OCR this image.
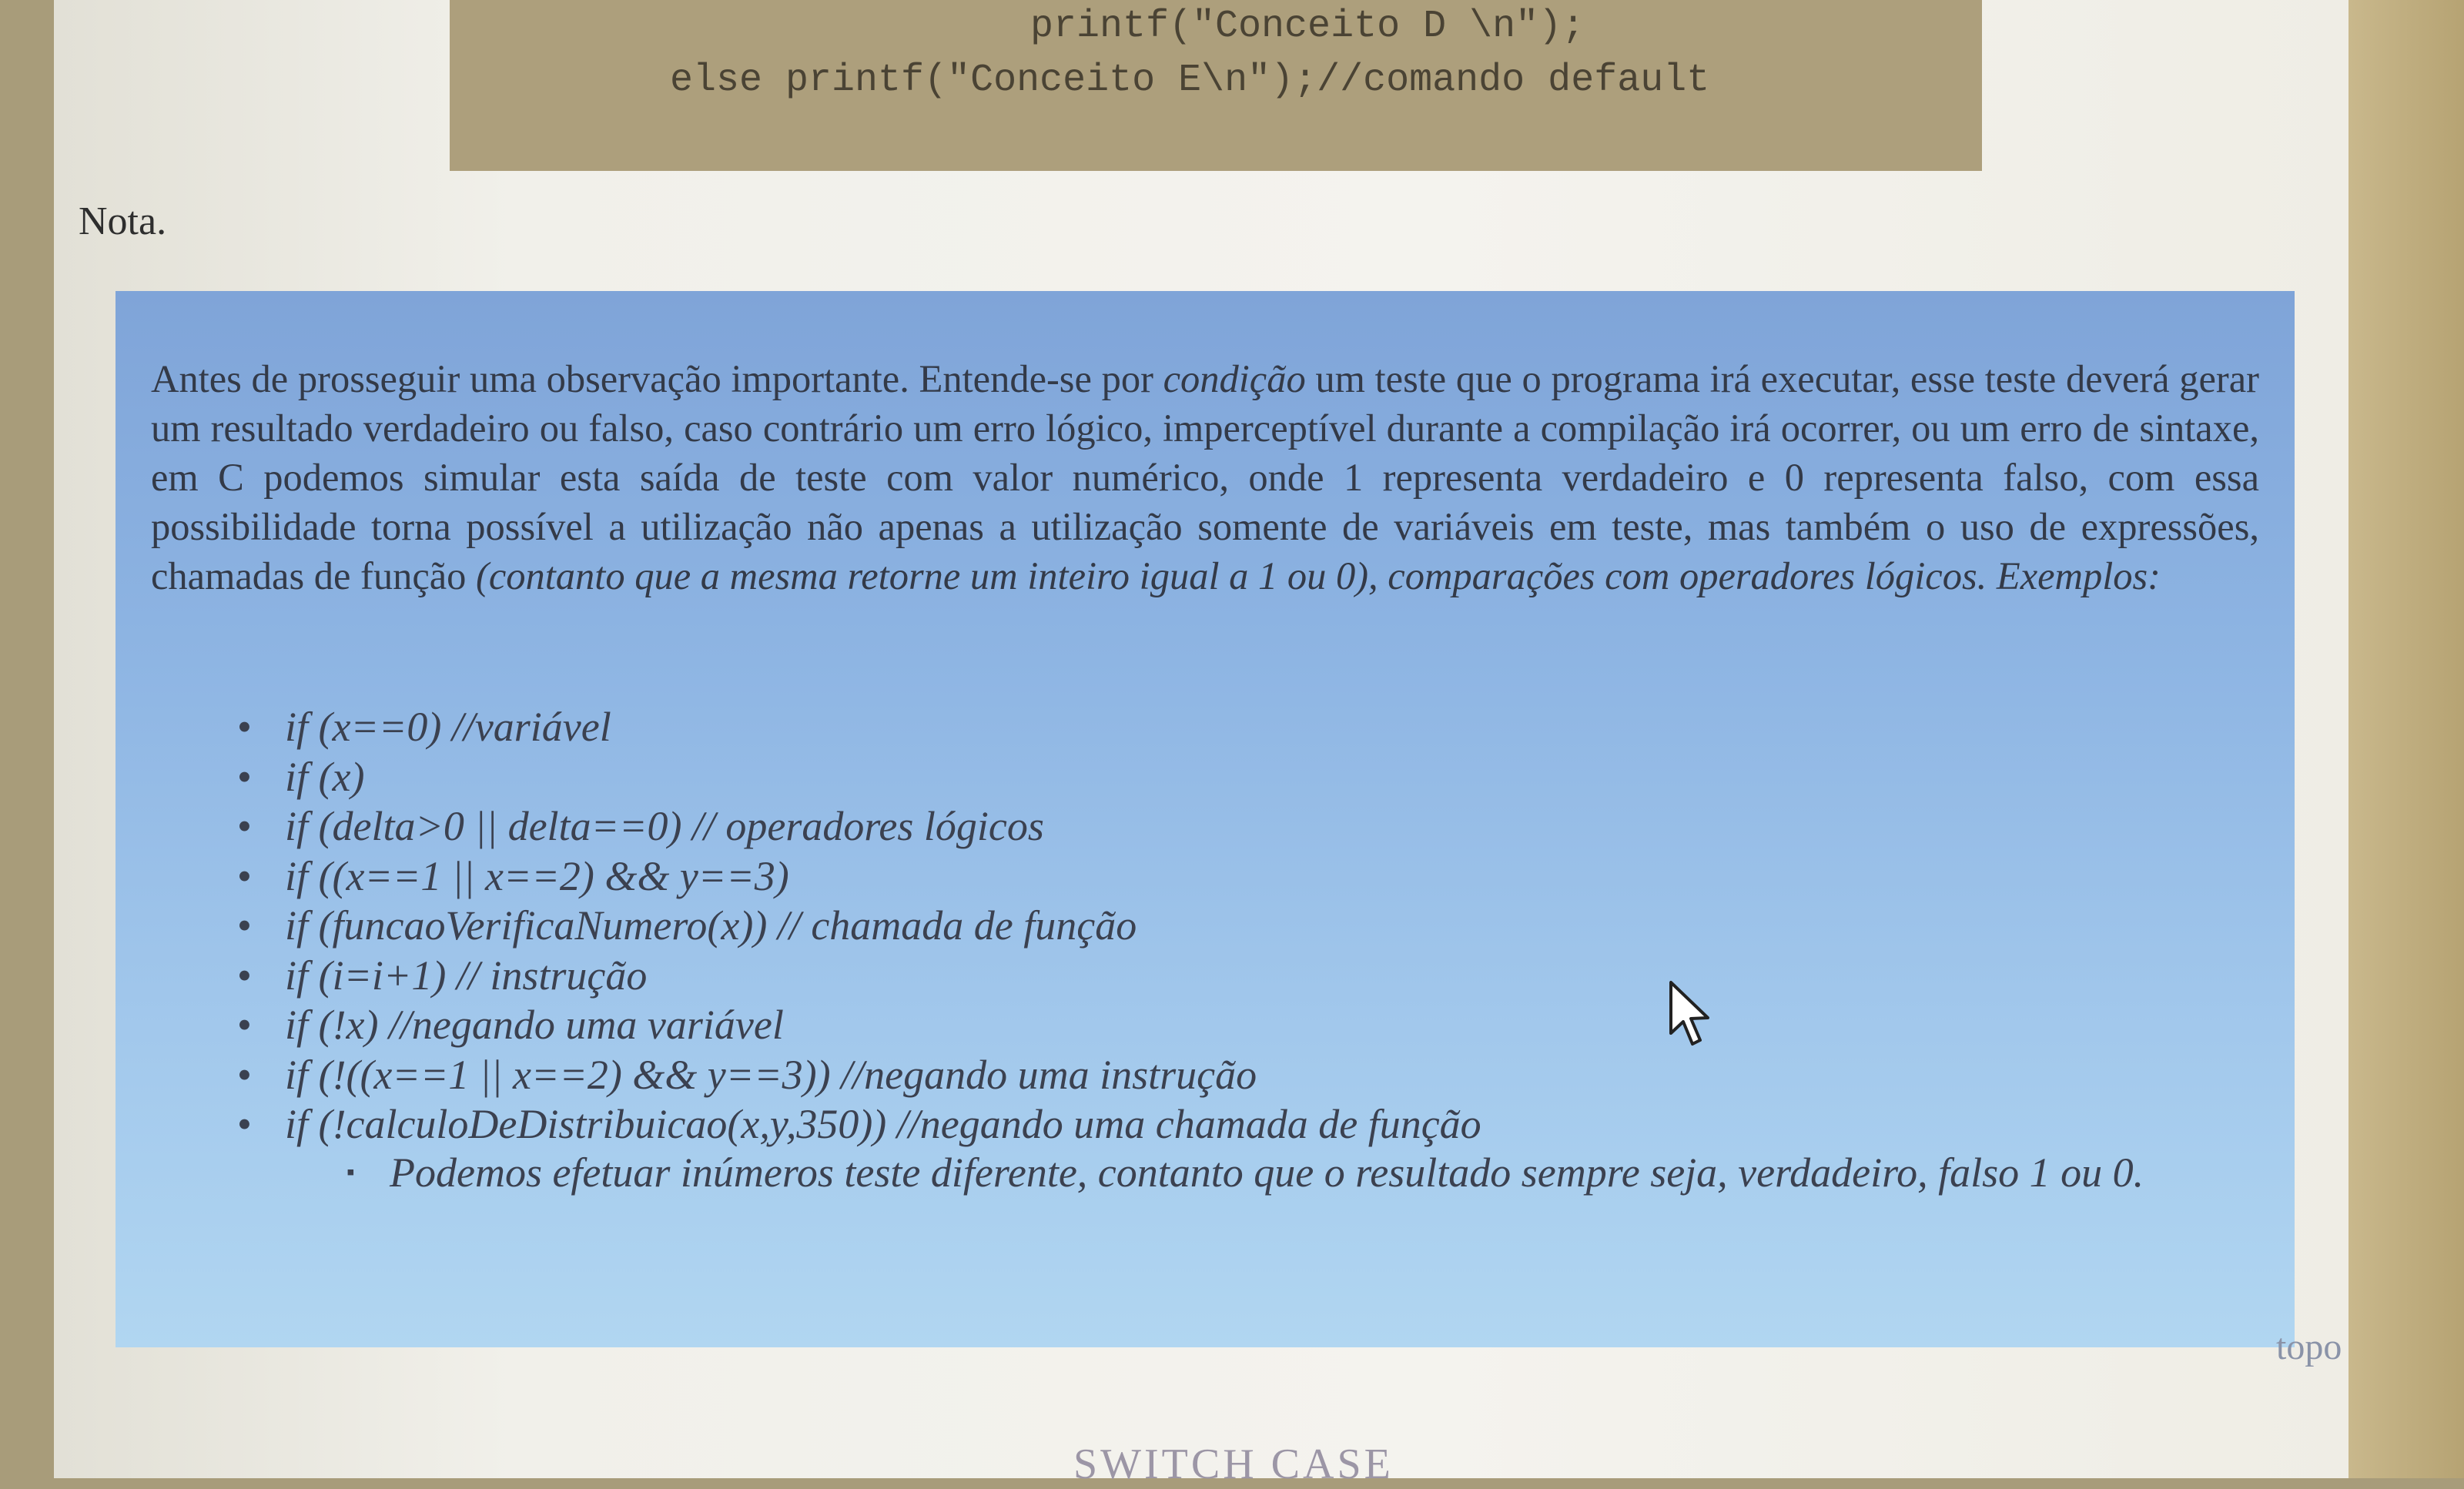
printf("Conceito D \n");
else printf("Conceito E\n");//comando default
Nota.

Antes de prosseguir uma observação importante. Entende-se por condição um teste que o programa irá executar, esse teste deverá gerar um resultado verdadeiro ou falso, caso contrário um erro lógico, imperceptível durante a compilação irá ocorrer, ou um erro de sintaxe, em C podemos simular esta saída de teste com valor numérico, onde 1 representa verdadeiro e 0 representa falso, com essa possibilidade torna possível a utilização não apenas a utilização somente de variáveis em teste, mas também o uso de expressões, chamadas de função (contanto que a mesma retorne um inteiro igual a 1 ou 0), comparações com operadores lógicos. Exemplos:

• if (x==0) //variável
• if (x)
• if (delta>0 || delta==0) // operadores lógicos
• if ((x==1 || x==2) && y==3)
• if (funcaoVerificaNumero(x)) // chamada de função
• if (i=i+1) // instrução
• if (!x) //negando uma variável
• if (!((x==1 || x==2) && y==3)) //negando uma instrução
• if (!calculoDeDistribuicao(x,y,350)) //negando uma chamada de função
▪ Podemos efetuar inúmeros teste diferente, contanto que o resultado sempre seja, verdadeiro, falso 1 ou 0.
topo
SWITCH CASE
